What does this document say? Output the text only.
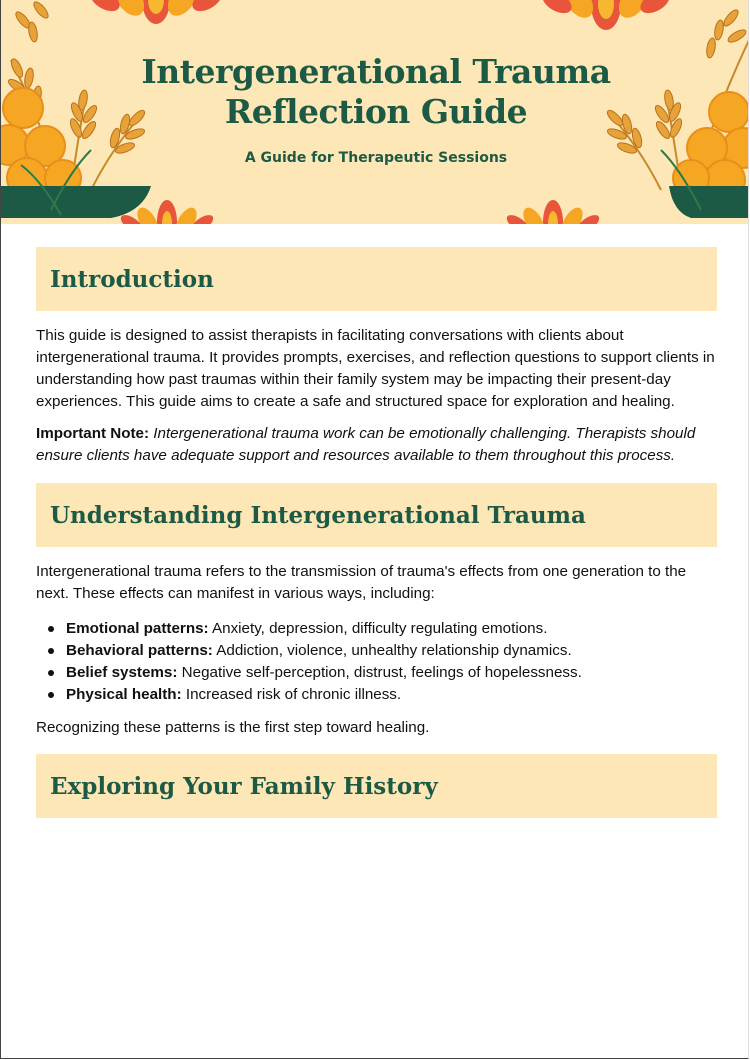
Intergenerational Trauma
Reflection Guide
A Guide for Therapeutic Sessions
Introduction

This guide is designed to assist therapists in facilitating conversations with clients about intergenerational trauma. It provides prompts, exercises, and reflection questions to support clients in understanding how past traumas within their family system may be impacting their present-day experiences. This guide aims to create a safe and structured space for exploration and healing.

Important Note: Intergenerational trauma work can be emotionally challenging. Therapists should ensure clients have adequate support and resources available to them throughout this process.

Understanding Intergenerational Trauma

Intergenerational trauma refers to the transmission of trauma's effects from one generation to the next. These effects can manifest in various ways, including:

Emotional patterns: Anxiety, depression, difficulty regulating emotions.
Behavioral patterns: Addiction, violence, unhealthy relationship dynamics.
Belief systems: Negative self-perception, distrust, feelings of hopelessness.
Physical health: Increased risk of chronic illness.

Recognizing these patterns is the first step toward healing.

Exploring Your Family History
